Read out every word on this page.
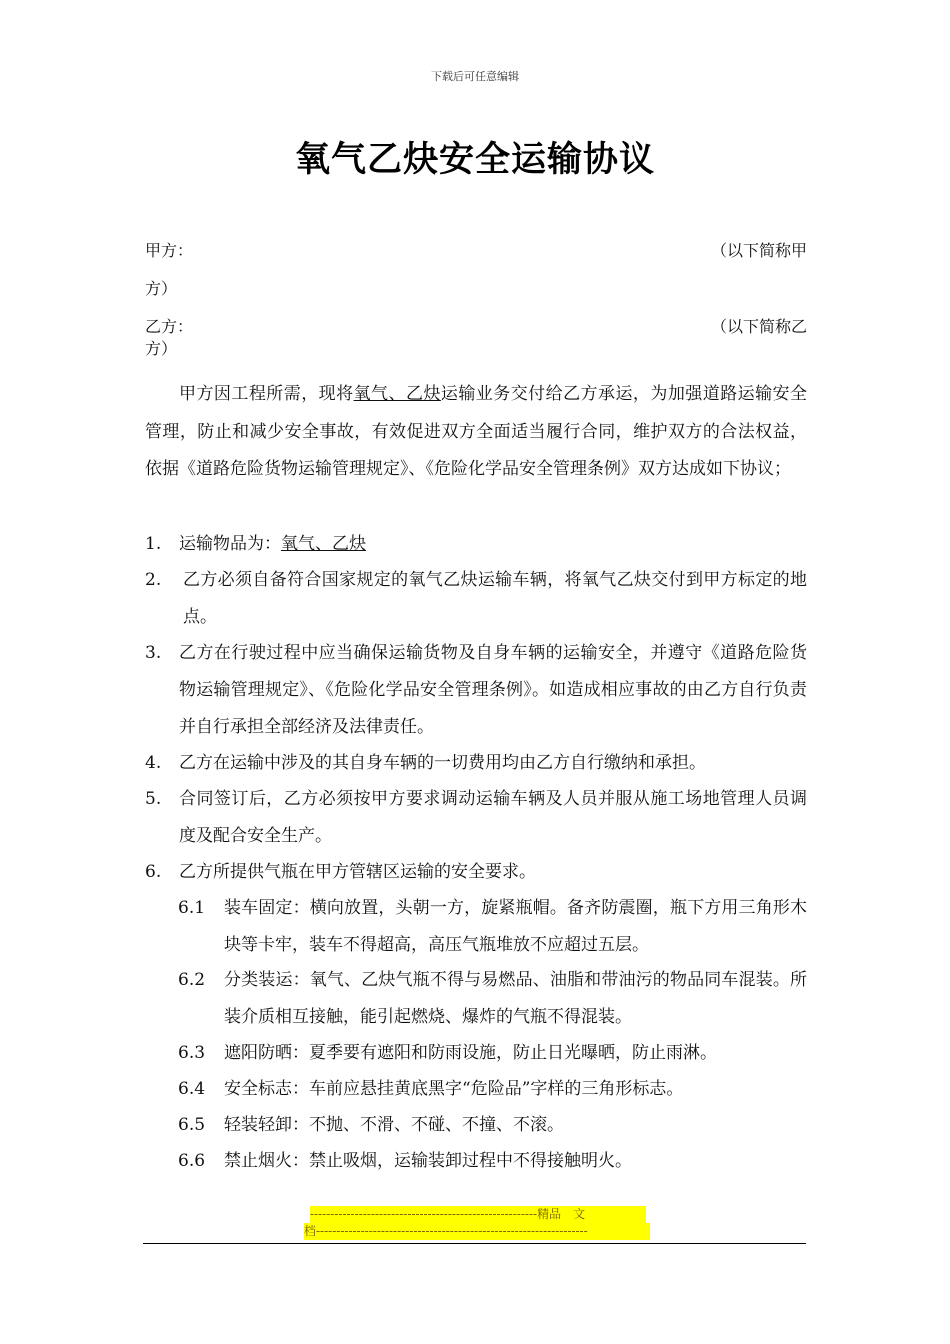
下载后可任意编辑
氧气乙炔安全运输协议
甲方：	（以下简称甲
方）
乙方：	（以下简称乙
方）
甲方因工程所需，现将氧气、乙炔运输业务交付给乙方承运，为加强道路运输安全管理，防止和减少安全事故，有效促进双方全面适当履行合同，维护双方的合法权益，依据《道路危险货物运输管理规定》、《危险化学品安全管理条例》双方达成如下协议；
1. 运输物品为：氧气、乙炔
2. 乙方必须自备符合国家规定的氧气乙炔运输车辆，将氧气乙炔交付到甲方标定的地点。
3. 乙方在行驶过程中应当确保运输货物及自身车辆的运输安全，并遵守《道路危险货物运输管理规定》、《危险化学品安全管理条例》。如造成相应事故的由乙方自行负责并自行承担全部经济及法律责任。
4. 乙方在运输中涉及的其自身车辆的一切费用均由乙方自行缴纳和承担。
5. 合同签订后，乙方必须按甲方要求调动运输车辆及人员并服从施工场地管理人员调度及配合安全生产。
6. 乙方所提供气瓶在甲方管辖区运输的安全要求。
6.1 装车固定：横向放置，头朝一方，旋紧瓶帽。备齐防震圈，瓶下方用三角形木块等卡牢，装车不得超高，高压气瓶堆放不应超过五层。
6.2 分类装运：氧气、乙炔气瓶不得与易燃品、油脂和带油污的物品同车混装。所装介质相互接触，能引起燃烧、爆炸的气瓶不得混装。
6.3 遮阳防晒：夏季要有遮阳和防雨设施，防止日光曝晒，防止雨淋。
6.4 安全标志：车前应悬挂黄底黑字“危险品”字样的三角形标志。
6.5 轻装轻卸：不抛、不滑、不碰、不撞、不滚。
6.6 禁止烟火：禁止吸烟，运输装卸过程中不得接触明火。
--------------------------------------------------------精品　文
档-------------------------------------------------------------------
